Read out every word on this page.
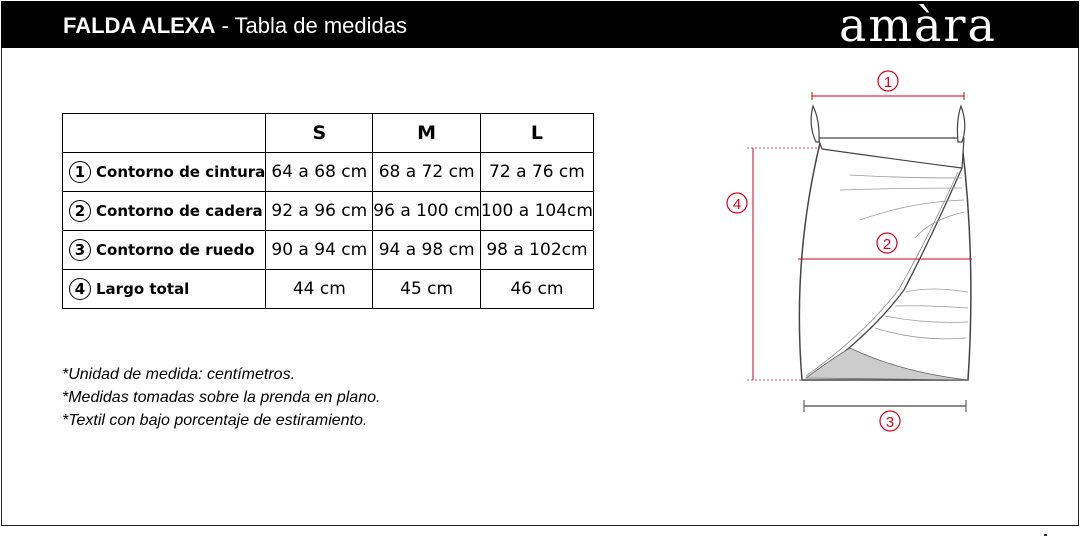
FALDA ALEXA - Tabla de medidas	amàra
	S	M	L
1 Contorno de cintura	64 a 68 cm	68 a 72 cm	72 a 76 cm
2 Contorno de cadera	92 a 96 cm	96 a 100 cm	100 a 104cm
3 Contorno de ruedo	90 a 94 cm	94 a 98 cm	98 a 102cm
4 Largo total	44 cm	45 cm	46 cm
*Unidad de medida: centímetros.
*Medidas tomadas sobre la prenda en plano.
*Textil con bajo porcentaje de estiramiento.
1
2
3
4
